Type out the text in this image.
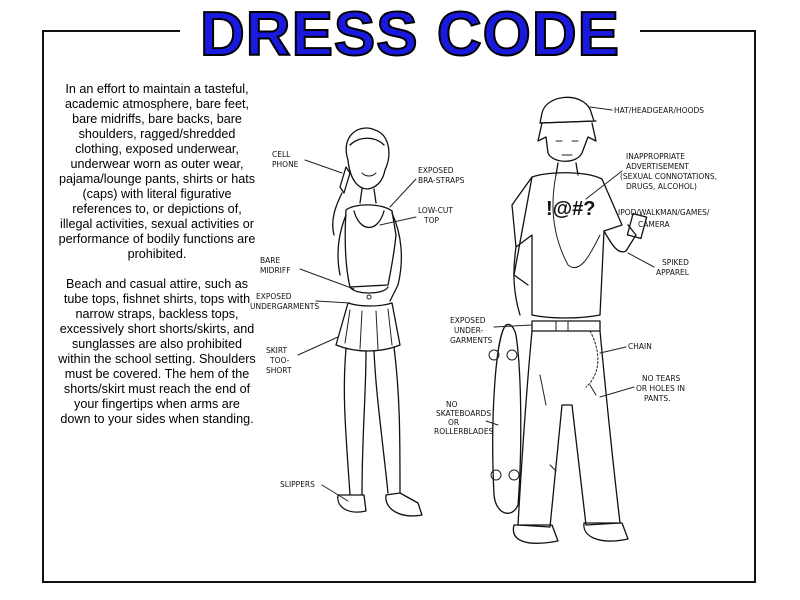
DRESS CODE

In an effort to maintain a tasteful, academic atmosphere, bare feet, bare midriffs, bare backs, bare shoulders, ragged/shredded clothing, exposed underwear, underwear worn as outer wear, pajama/lounge pants, shirts or hats (caps) with literal figurative references to, or depictions of, illegal activities, sexual activities or performance of bodily functions are prohibited.

Beach and casual attire, such as tube tops, fishnet shirts, tops with narrow straps, backless tops, excessively short shorts/skirts, and sunglasses are also prohibited within the school setting. Shoulders must be covered. The hem of the shorts/skirt must reach the end of your fingertips when arms are down to your sides when standing.

!@#?
CELL
PHONE
EXPOSED
BRA-STRAPS
LOW-CUT
TOP
BARE
MIDRIFF
EXPOSED
UNDERGARMENTS
SKIRT
TOO-
SHORT
SLIPPERS
HAT/HEADGEAR/HOODS
INAPPROPRIATE
ADVERTISEMENT
(SEXUAL CONNOTATIONS,
DRUGS, ALCOHOL)
IPOD/WALKMAN/GAMES/
CAMERA
SPIKED
APPAREL
EXPOSED
UNDER-
GARMENTS
CHAIN
NO TEARS
OR HOLES IN
PANTS.
NO
SKATEBOARDS
OR
ROLLERBLADES
